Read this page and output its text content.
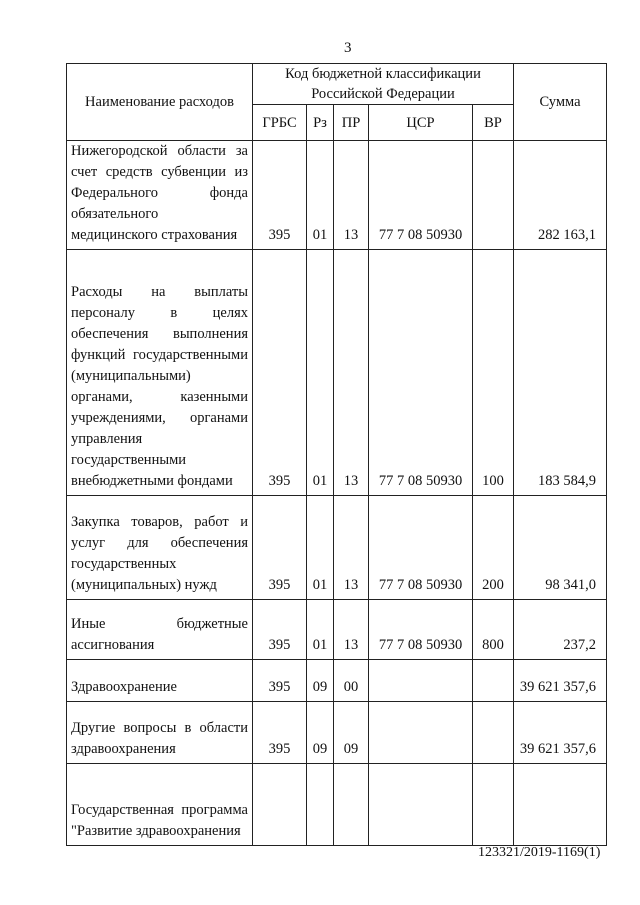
3
Наименование расходов	Код бюджетной классификации Российской Федерации					Сумма
	ГРБС	Рз	ПР	ЦСР	ВР	
Нижегородской области за счет средств субвенции из Федерального фонда обязательного медицинского страхования	395	01	13	77 7 08 50930		282 163,1
Расходы на выплаты персоналу в целях обеспечения выполнения функций государственными (муниципальными) органами, казенными учреждениями, органами управления государственными внебюджетными фондами	395	01	13	77 7 08 50930	100	183 584,9
Закупка товаров, работ и услуг для обеспечения государственных (муниципальных) нужд	395	01	13	77 7 08 50930	200	98 341,0
Иные бюджетные ассигнования	395	01	13	77 7 08 50930	800	237,2
Здравоохранение	395	09	00			39 621 357,6
Другие вопросы в области здравоохранения	395	09	09			39 621 357,6
Государственная программа "Развитие здравоохранения						
123321/2019-1169(1)
